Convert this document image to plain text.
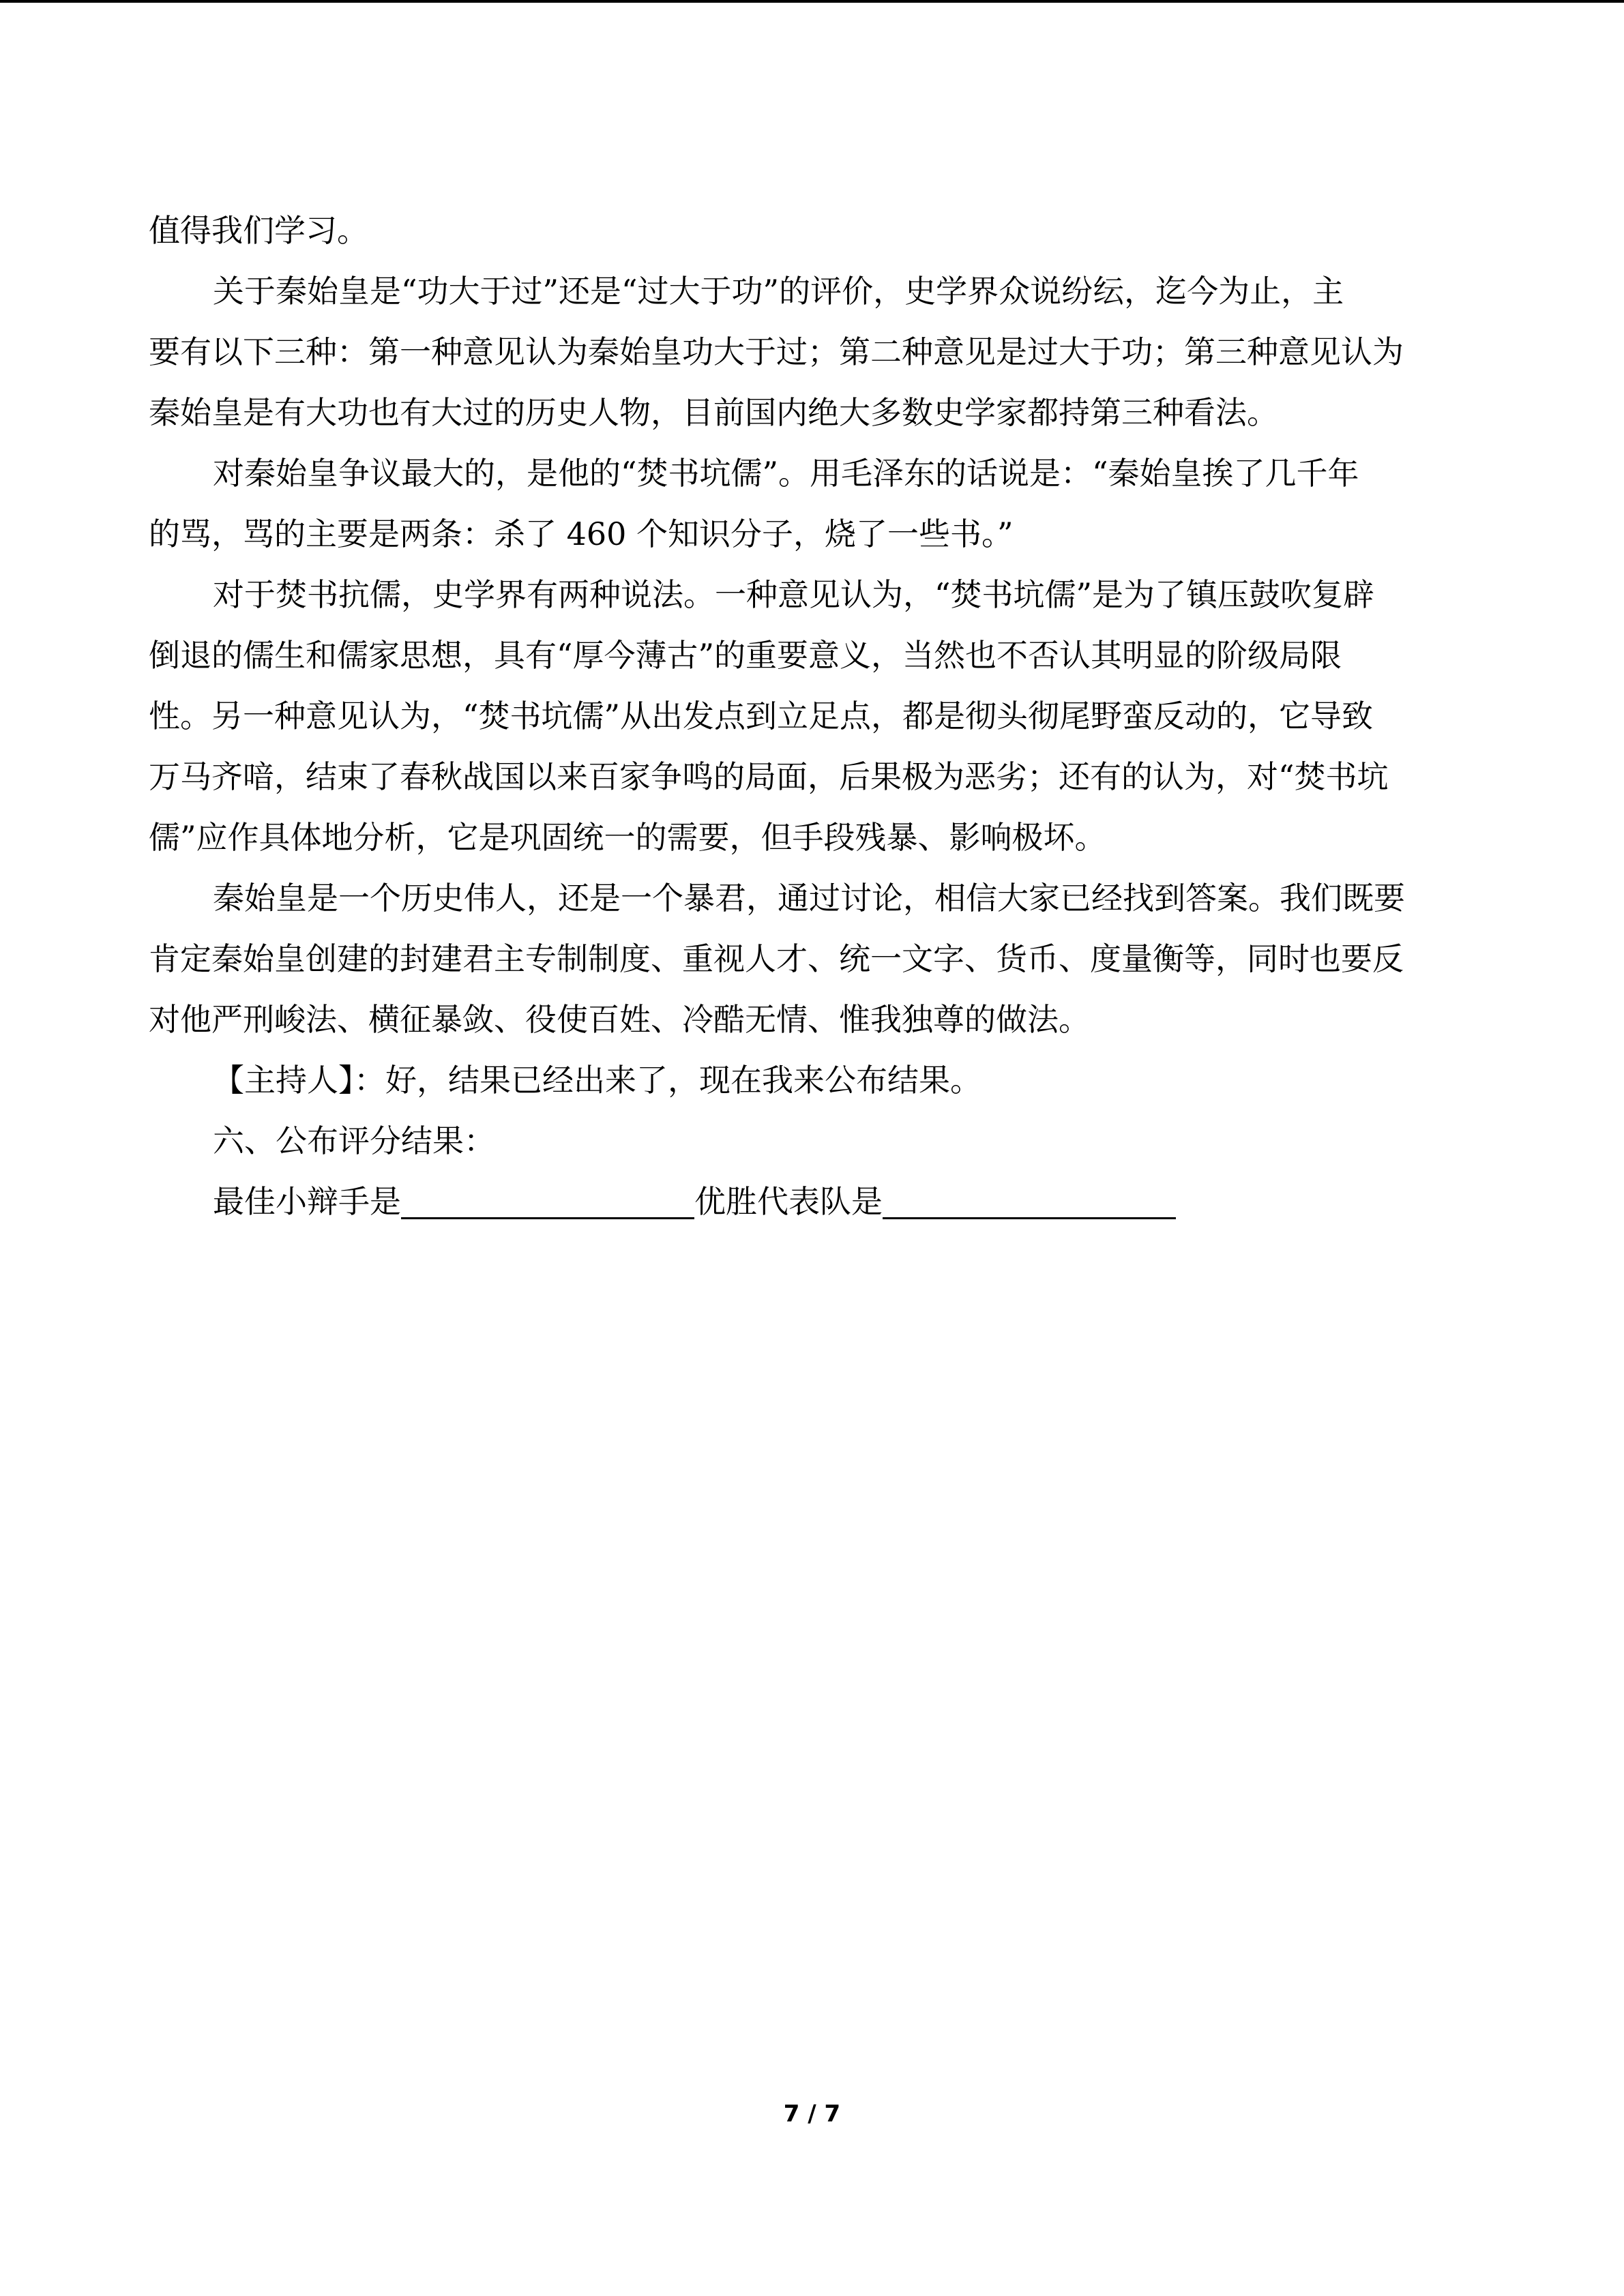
值得我们学习。
关于秦始皇是“功大于过”还是“过大于功”的评价，史学界众说纷纭，迄今为止，主
要有以下三种：第一种意见认为秦始皇功大于过；第二种意见是过大于功；第三种意见认为
秦始皇是有大功也有大过的历史人物，目前国内绝大多数史学家都持第三种看法。
对秦始皇争议最大的，是他的“焚书坑儒”。用毛泽东的话说是：“秦始皇挨了几千年
的骂，骂的主要是两条：杀了 460 个知识分子，烧了一些书。”
对于焚书抗儒，史学界有两种说法。一种意见认为，“焚书坑儒”是为了镇压鼓吹复辟
倒退的儒生和儒家思想，具有“厚今薄古”的重要意义，当然也不否认其明显的阶级局限
性。另一种意见认为，“焚书坑儒”从出发点到立足点，都是彻头彻尾野蛮反动的，它导致
万马齐喑，结束了春秋战国以来百家争鸣的局面，后果极为恶劣；还有的认为，对“焚书坑
儒”应作具体地分析，它是巩固统一的需要，但手段残暴、影响极坏。
秦始皇是一个历史伟人，还是一个暴君，通过讨论，相信大家已经找到答案。我们既要
肯定秦始皇创建的封建君主专制制度、重视人才、统一文字、货币、度量衡等，同时也要反
对他严刑峻法、横征暴敛、役使百姓、冷酷无情、惟我独尊的做法。
【主持人】：好，结果已经出来了，现在我来公布结果。
六、公布评分结果：
最佳小辩手是	优胜代表队是
7 / 7
